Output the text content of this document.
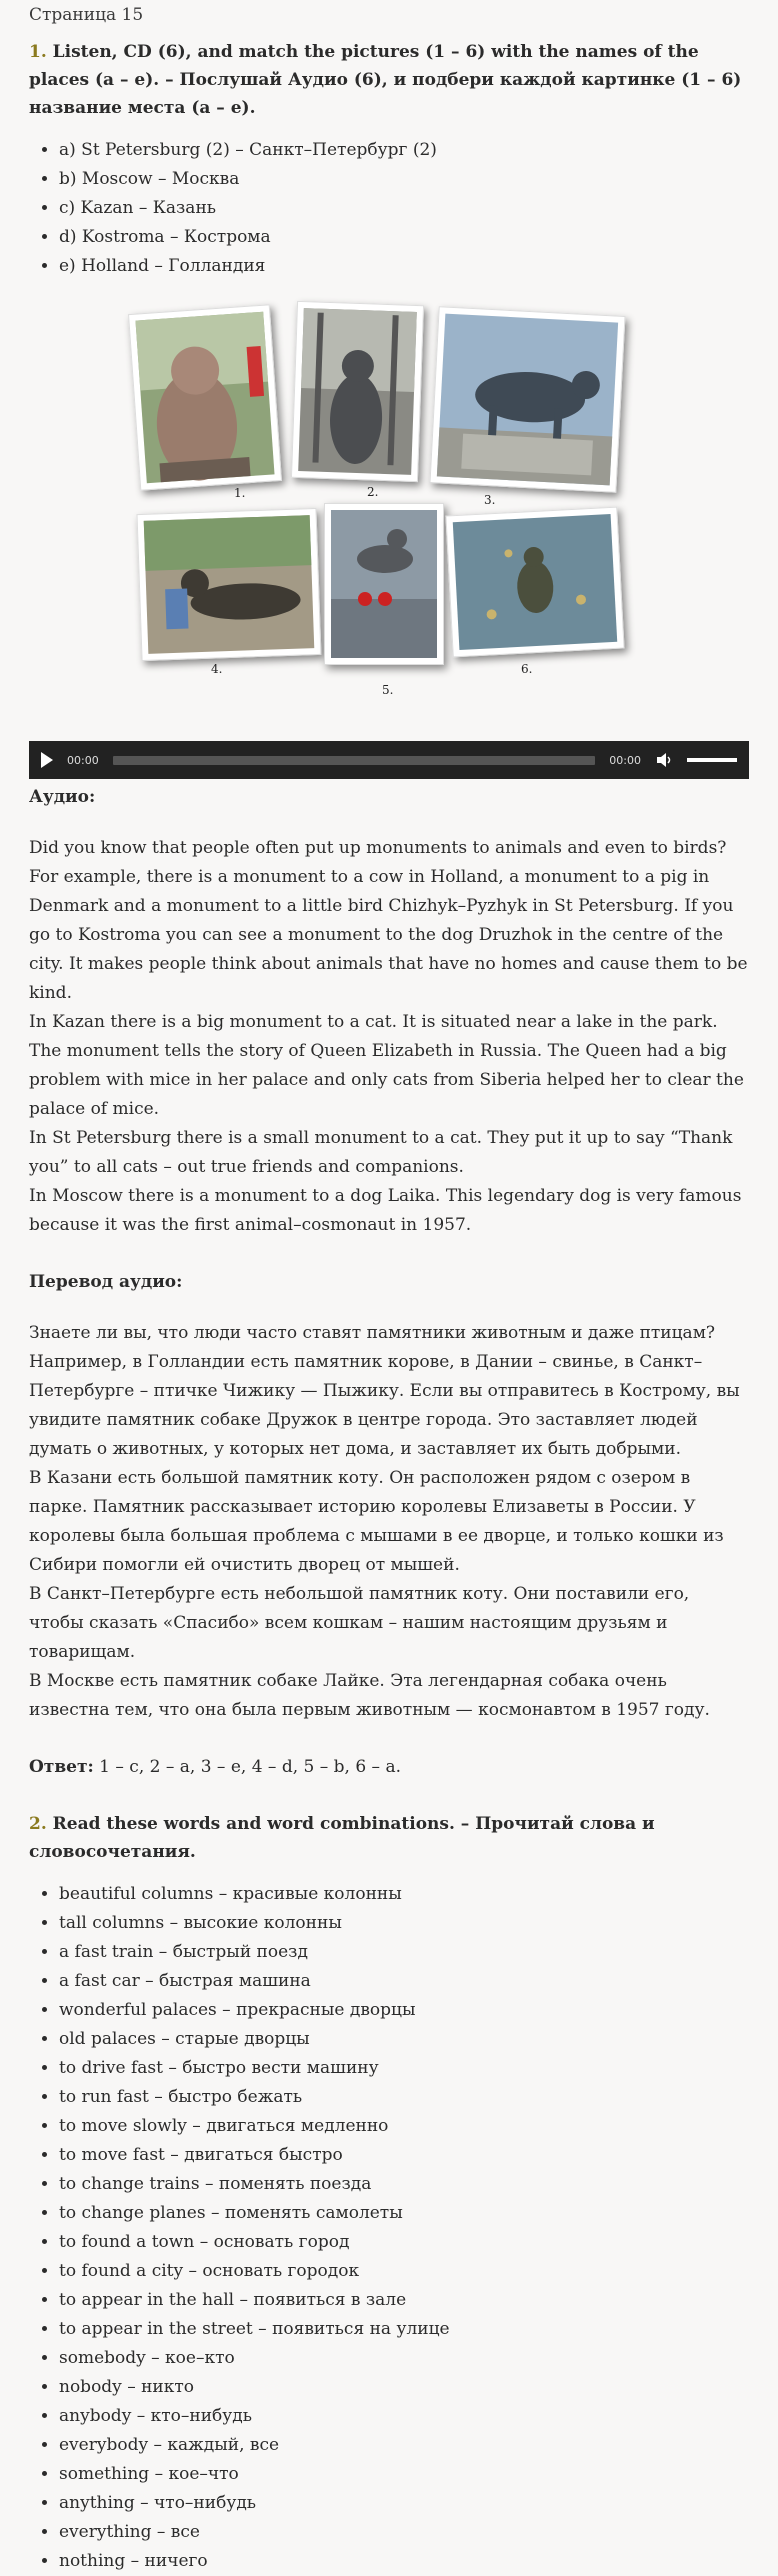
Страница 15

1. Listen, CD (6), and match the pictures (1 – 6) with the names of the places (a – e). – Послушай Аудио (6), и подбери каждой картинке (1 – 6) название места (a – e).

• a) St Petersburg (2) – Санкт–Петербург (2)
• b) Moscow – Москва
• c) Kazan – Казань
• d) Kostroma – Кострома
• e) Holland – Голландия
1.	2.
3.
4.
5.
6.
00:00	00:00

Аудио:

Did you know that people often put up monuments to animals and even to birds? For example, there is a monument to a cow in Holland, a monument to a pig in Denmark and a monument to a little bird Chizhyk–Pyzhyk in St Petersburg. If you go to Kostroma you can see a monument to the dog Druzhok in the centre of the city. It makes people think about animals that have no homes and cause them to be kind.

In Kazan there is a big monument to a cat. It is situated near a lake in the park. The monument tells the story of Queen Elizabeth in Russia. The Queen had a big problem with mice in her palace and only cats from Siberia helped her to clear the palace of mice.

In St Petersburg there is a small monument to a cat. They put it up to say “Thank you” to all cats – out true friends and companions.

In Moscow there is a monument to a dog Laika. This legendary dog is very famous because it was the first animal–cosmonaut in 1957.

Перевод аудио:

Знаете ли вы, что люди часто ставят памятники животным и даже птицам? Например, в Голландии есть памятник корове, в Дании – свинье, в Санкт–Петербурге – птичке Чижику — Пыжику. Если вы отправитесь в Кострому, вы увидите памятник собаке Дружок в центре города. Это заставляет людей думать о животных, у которых нет дома, и заставляет их быть добрыми.

В Казани есть большой памятник коту. Он расположен рядом с озером в парке. Памятник рассказывает историю королевы Елизаветы в России. У королевы была большая проблема с мышами в ее дворце, и только кошки из Сибири помогли ей очистить дворец от мышей.

В Санкт–Петербурге есть небольшой памятник коту. Они поставили его, чтобы сказать «Спасибо» всем кошкам – нашим настоящим друзьям и товарищам.

В Москве есть памятник собаке Лайке. Эта легендарная собака очень известна тем, что она была первым животным — космонавтом в 1957 году.

Ответ: 1 – c, 2 – a, 3 – e, 4 – d, 5 – b, 6 – a.

2. Read these words and word combinations. – Прочитай слова и словосочетания.

• beautiful columns – красивые колонны
• tall columns – высокие колонны
• a fast train – быстрый поезд
• a fast car – быстрая машина
• wonderful palaces – прекрасные дворцы
• old palaces – старые дворцы
• to drive fast – быстро вести машину
• to run fast – быстро бежать
• to move slowly – двигаться медленно
• to move fast – двигаться быстро
• to change trains – поменять поезда
• to change planes – поменять самолеты
• to found a town – основать город
• to found a city – основать городок
• to appear in the hall – появиться в зале
• to appear in the street – появиться на улице
• somebody – кое–кто
• nobody – никто
• anybody – кто–нибудь
• everybody – каждый, все
• something – кое–что
• anything – что–нибудь
• everything – все
• nothing – ничего
